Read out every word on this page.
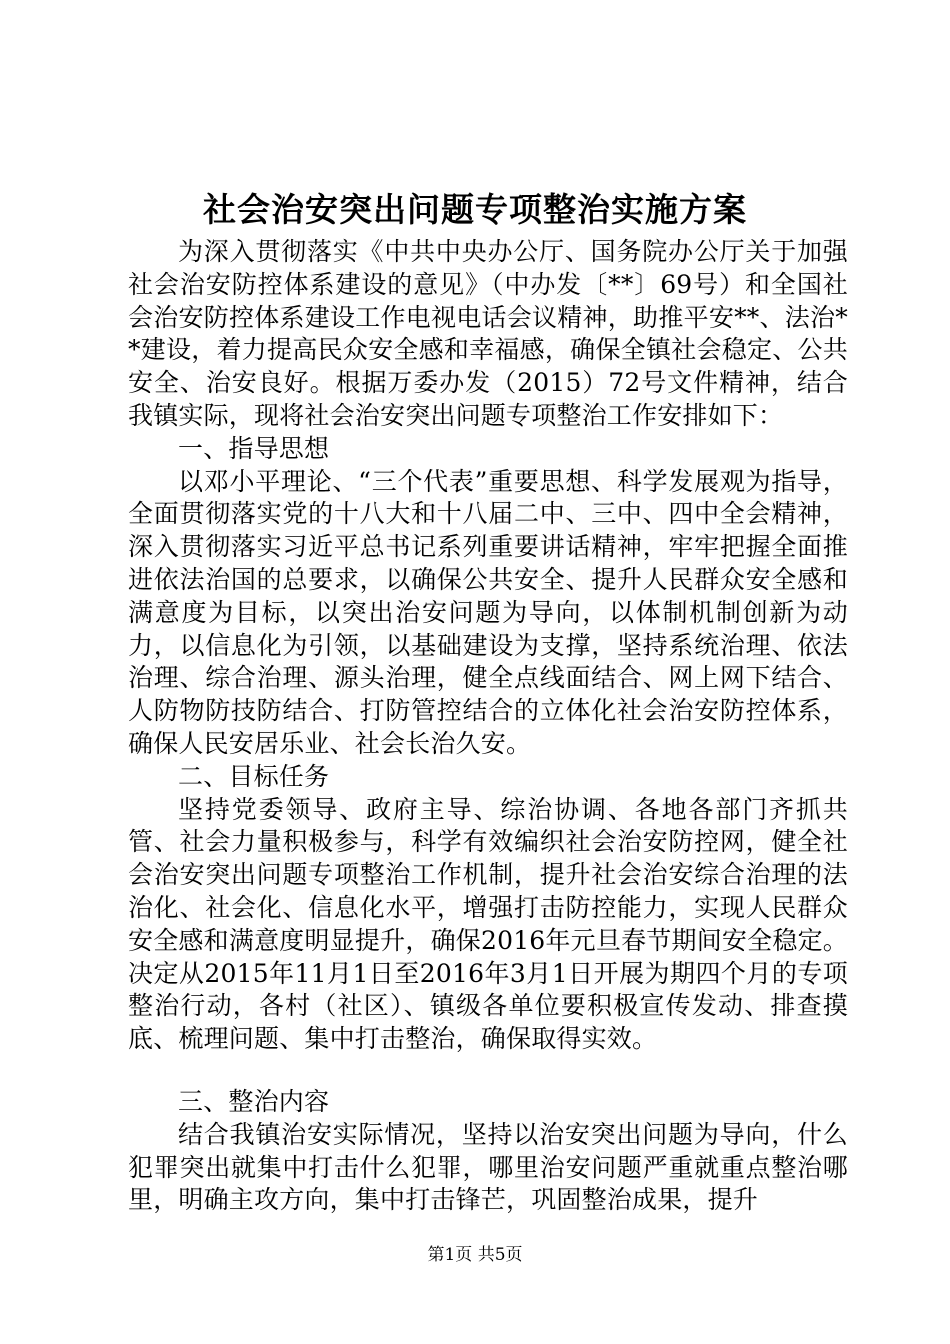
社会治安突出问题专项整治实施方案

为深入贯彻落实《中共中央办公厅、国务院办公厅关于加强社会治安防控体系建设的意见》（中办发〔**〕69号）和全国社会治安防控体系建设工作电视电话会议精神，助推平安**、法治**建设，着力提高民众安全感和幸福感，确保全镇社会稳定、公共安全、治安良好。根据万委办发（2015）72号文件精神，结合我镇实际，现将社会治安突出问题专项整治工作安排如下：

一、指导思想

以邓小平理论、“三个代表”重要思想、科学发展观为指导，全面贯彻落实党的十八大和十八届二中、三中、四中全会精神，深入贯彻落实习近平总书记系列重要讲话精神，牢牢把握全面推进依法治国的总要求，以确保公共安全、提升人民群众安全感和满意度为目标，以突出治安问题为导向，以体制机制创新为动力，以信息化为引领，以基础建设为支撑，坚持系统治理、依法治理、综合治理、源头治理，健全点线面结合、网上网下结合、人防物防技防结合、打防管控结合的立体化社会治安防控体系，确保人民安居乐业、社会长治久安。

二、目标任务

坚持党委领导、政府主导、综治协调、各地各部门齐抓共管、社会力量积极参与，科学有效编织社会治安防控网，健全社会治安突出问题专项整治工作机制，提升社会治安综合治理的法治化、社会化、信息化水平，增强打击防控能力，实现人民群众安全感和满意度明显提升，确保2016年元旦春节期间安全稳定。决定从2015年11月1日至2016年3月1日开展为期四个月的专项整治行动，各村（社区）、镇级各单位要积极宣传发动、排查摸底、梳理问题、集中打击整治，确保取得实效。

三、整治内容

结合我镇治安实际情况，坚持以治安突出问题为导向，什么犯罪突出就集中打击什么犯罪，哪里治安问题严重就重点整治哪里，明确主攻方向，集中打击锋芒，巩固整治成果，提升

第1页 共5页
